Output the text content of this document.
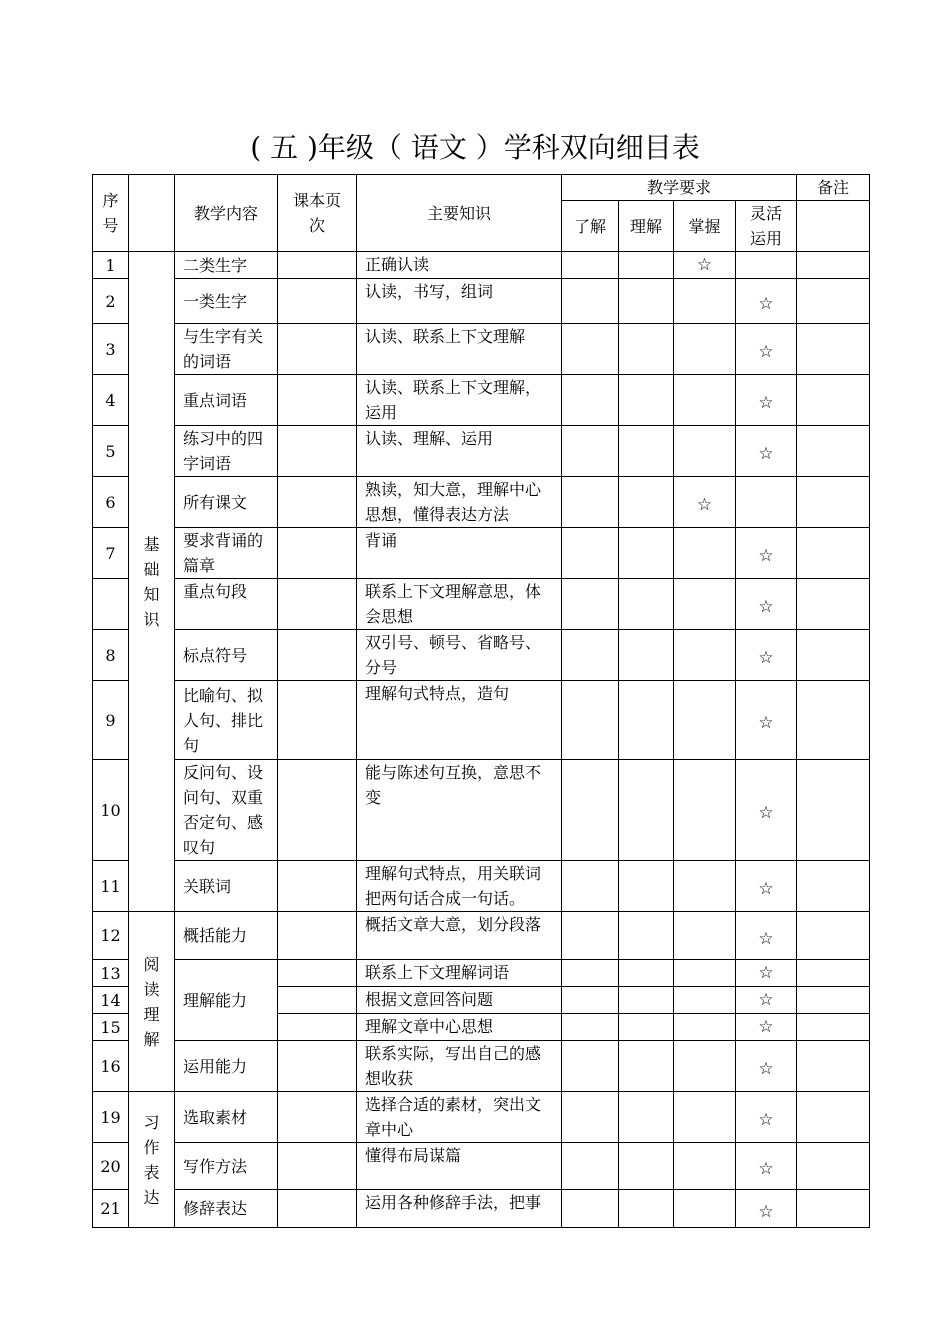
( 五 )年级（ 语文 ）学科双向细目表
序号		教学内容	课本页次	主要知识	教学要求				备注
					了解	理解	掌握	灵活运用	

1	基础知识	二类生字		正确认读			☆		
2		一类生字		认读，书写，组词				☆	
3		与生字有关的词语		认读、联系上下文理解				☆	
4		重点词语		认读、联系上下文理解，运用				☆	
5		练习中的四字词语		认读、理解、运用				☆	
6		所有课文		熟读，知大意，理解中心思想，懂得表达方法			☆		
7		要求背诵的篇章		背诵				☆	
		重点句段		联系上下文理解意思，体会思想				☆	
8		标点符号		双引号、顿号、省略号、分号				☆	
9		比喻句、拟人句、排比句		理解句式特点，造句				☆	
10		反问句、设问句、双重否定句、感叹句		能与陈述句互换，意思不变				☆	
11		关联词		理解句式特点，用关联词把两句话合成一句话。				☆	
12	阅读理解	概括能力		概括文章大意，划分段落				☆	
13		理解能力		联系上下文理解词语				☆	
14				根据文意回答问题				☆	
15				理解文章中心思想				☆	
16		运用能力		联系实际，写出自己的感想收获				☆	
19	习作表达	选取素材		选择合适的素材，突出文章中心				☆	
20		写作方法		懂得布局谋篇				☆	
21		修辞表达		运用各种修辞手法，把事				☆	
